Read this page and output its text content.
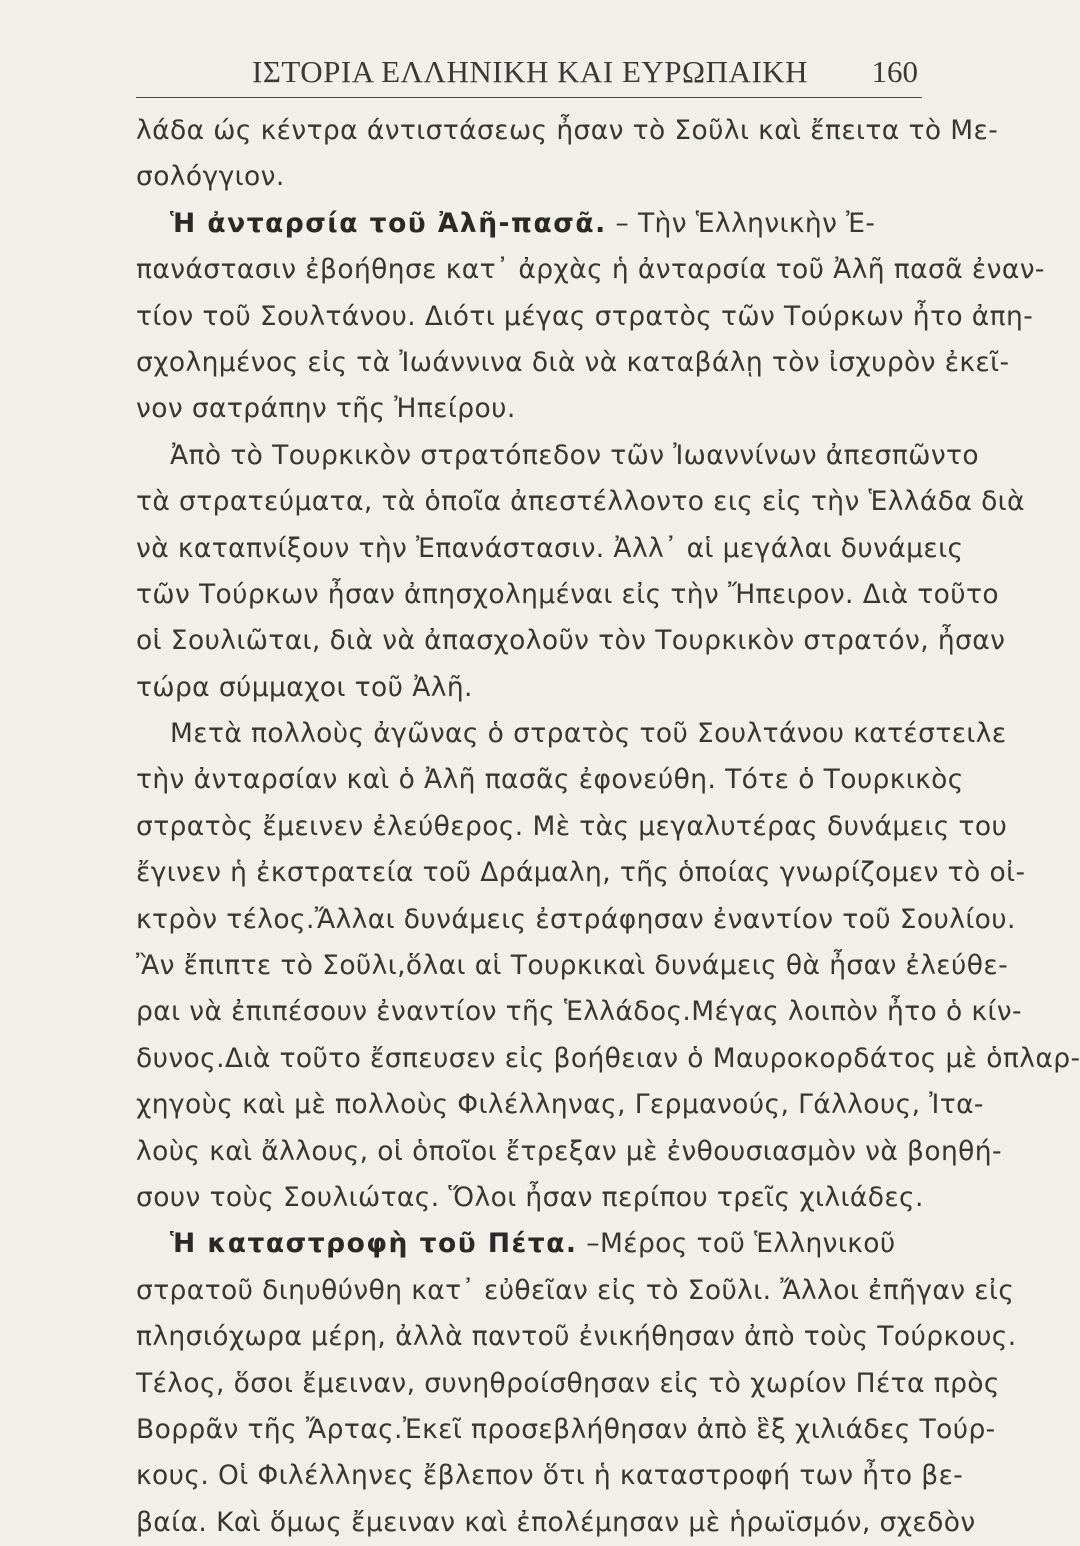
ΙΣΤΟΡΙΑ ΕΛΛΗΝΙΚΗ ΚΑΙ ΕΥΡΩΠΑΙΚΗ 160
λάδα ώς κέντρα άντιστάσεως ἦσαν τὸ Σοῦλι καὶ ἔπειτα τὸ Με-
σολόγγιον.
Ἡ ἀνταρσία τοῦ Ἀλῆ-πασᾶ. – Τὴν Ἑλληνικὴν Ἐ-
πανάστασιν ἐβοήθησε κατ᾽ ἀρχὰς ἡ ἀνταρσία τοῦ Ἀλῆ πασᾶ ἐναν-
τίον τοῦ Σουλτάνου. Διότι μέγας στρατὸς τῶν Τούρκων ἦτο ἀπη-
σχοληµένος εἰς τὰ Ἰωάννινα διὰ νὰ καταβάλῃ τὸν ἰσχυρὸν ἐκεῖ-
νον σατράπην τῆς Ἠπείρου.
Ἀπὸ τὸ Τουρκικὸν στρατόπεδον τῶν Ἰωαννίνων ἀπεσπῶντο
τὰ στρατεύματα, τὰ ὁποῖα ἀπεστέλλοντο εις εἰς τὴν Ἑλλάδα διὰ
νὰ καταπνίξουν τὴν Ἐπανάστασιν. Ἀλλ᾽ αἱ μεγάλαι δυνάμεις
τῶν Τούρκων ἦσαν ἀπησχοληµέναι εἰς τὴν Ἤπειρον. Διὰ τοῦτο
οἱ Σουλιῶται, διὰ νὰ ἀπασχολοῦν τὸν Τουρκικὸν στρατόν, ἦσαν
τώρα σύμμαχοι τοῦ Ἀλῆ.
Μετὰ πολλοὺς ἀγῶνας ὁ στρατὸς τοῦ Σουλτάνου κατέστειλε
τὴν ἀνταρσίαν καὶ ὁ Ἀλῆ πασᾶς ἐφονεύθη. Τότε ὁ Τουρκικὸς
στρατὸς ἔμεινεν ἐλεύθερος. Μὲ τὰς μεγαλυτέρας δυνάμεις του
ἔγινεν ἡ ἐκστρατεία τοῦ Δράμαλη, τῆς ὁποίας γνωρίζομεν τὸ οἰ-
κτρὸν τέλος.Ἄλλαι δυνάμεις ἐστράφησαν ἐναντίον τοῦ Σουλίου.
Ἂν ἔπιπτε τὸ Σοῦλι,ὅλαι αἱ Τουρκικαὶ δυνάμεις θὰ ἦσαν ἐλεύθε-
ραι νὰ ἐπιπέσουν ἐναντίον τῆς Ἑλλάδος.Μέγας λοιπὸν ἦτο ὁ κίν-
δυνος.Διὰ τοῦτο ἔσπευσεν εἰς βοήθειαν ὁ Μαυροκορδάτος μὲ ὁπλαρ-
χηγοὺς καὶ μὲ πολλοὺς Φιλέλληνας, Γερμανούς, Γάλλους, Ἰτα-
λοὺς καὶ ἄλλους, οἱ ὁποῖοι ἔτρεξαν μὲ ἐνθουσιασμὸν νὰ βοηθή-
σουν τοὺς Σουλιώτας. Ὅλοι ἦσαν περίπου τρεῖς χιλιάδες.
Ἡ καταστροφὴ τοῦ Πέτα. –Μέρος τοῦ Ἑλληνικοῦ
στρατοῦ διηυθύνθη κατ᾽ εὐθεῖαν εἰς τὸ Σοῦλι. Ἄλλοι ἐπῆγαν εἰς
πλησιόχωρα μέρη, ἀλλὰ παντοῦ ἐνικήθησαν ἀπὸ τοὺς Τούρκους.
Τέλος, ὅσοι ἔμειναν, συνηθροίσθησαν εἰς τὸ χωρίον Πέτα πρὸς
Βορρᾶν τῆς Ἄρτας.Ἐκεῖ προσεβλήθησαν ἀπὸ ἓξ χιλιάδες Τούρ-
κους. Οἱ Φιλέλληνες ἔβλεπον ὅτι ἡ καταστροφή των ἦτο βε-
βαία. Καὶ ὅμως ἔμειναν καὶ ἐπολέμησαν μὲ ἡρωϊσμόν, σχεδὸν
